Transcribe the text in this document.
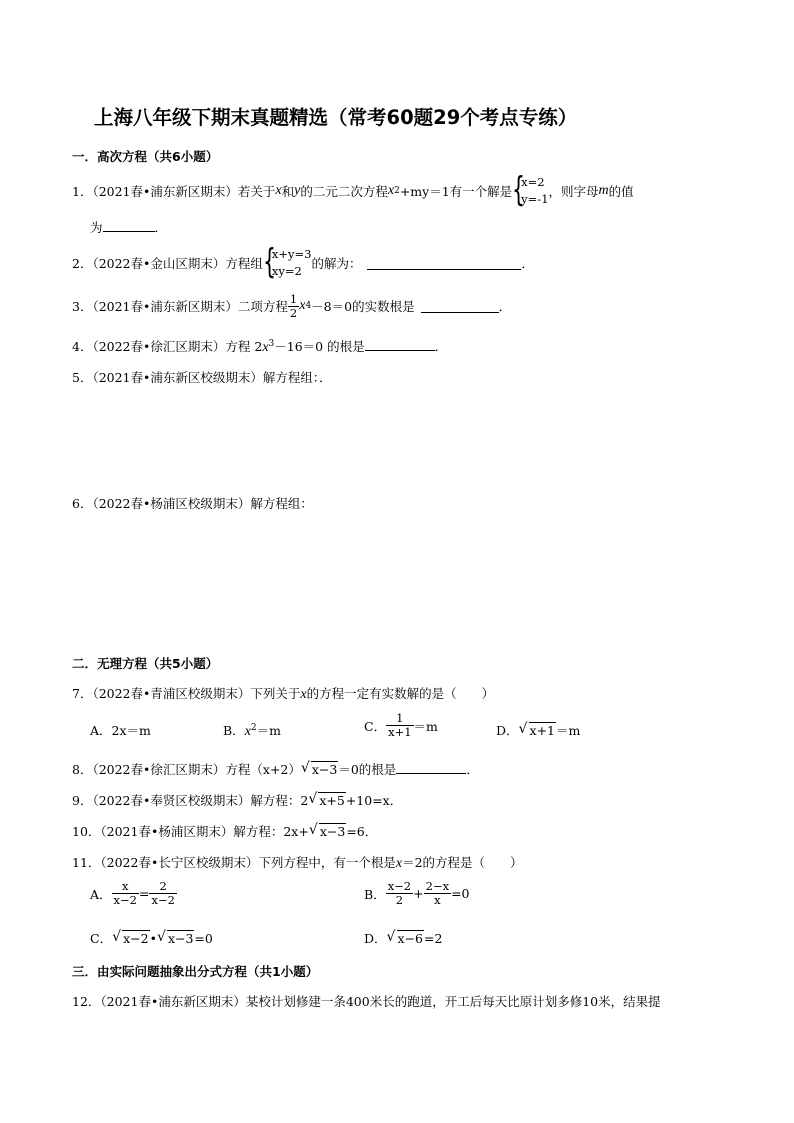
上海八年级下期末真题精选（常考60题29个考点专练）
一．高次方程（共6小题）
1．（2021春•浦东新区期末）若关于 x 和 y 的二元二次方程 x 2 +my＝1 有一个解是 {
x=2
y=-1 ，则字母 m 的值
为	．
2．（2022春•金山区期末）方程组 {
x+y=3
xy=2 的解为：	．
3．（2021春•浦东新区期末）二项方程 $\frac{1}{2}$ x 4 －8＝0的实数根是	．
4．（2022春•徐汇区期末）方程 $2x^3-16=0$ 的根是	．
5．（2021春•浦东新区校级期末）解方程组：．
6．（2022春•杨浦区校级期末）解方程组：
二．无理方程（共5小题）
7．（2022春•青浦区校级期末）下列关于x的方程一定有实数解的是（　　）
A．2x＝m	B．$x^2=m$	C． $\frac{1}{x+1} =m$	D． √ x+1＝m
8．（2022春•徐汇区期末）方程（x+2） √ x−3＝0的根是	．
9．（2022春•奉贤区校级期末）解方程：2 √ x+5+10=x．
10．（2021春•杨浦区期末）解方程：2x+ √ x−3=6．
11．（2022春•长宁区校级期末）下列方程中，有一个根是x＝2的方程是（　　）
A． $\frac{x}{x-2} = \frac{2}{x-2}$	B． $\frac{x-2}{2} + \frac{2-x}{x} =0$
C． √ x−2• √ x−3=0	D． √ x−6=2
三．由实际问题抽象出分式方程（共1小题）
12．（2021春•浦东新区期末）某校计划修建一条400米长的跑道，开工后每天比原计划多修10米，结果提
